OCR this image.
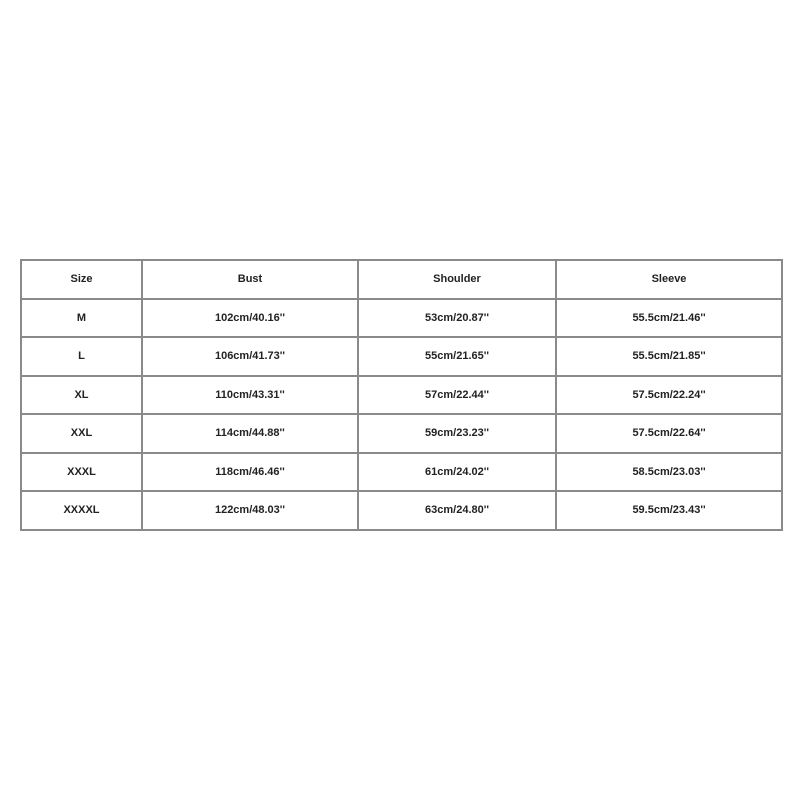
Size	Bust	Shoulder	Sleeve
M	102cm/40.16''	53cm/20.87''	55.5cm/21.46''
L	106cm/41.73''	55cm/21.65''	55.5cm/21.85''
XL	110cm/43.31''	57cm/22.44''	57.5cm/22.24''
XXL	114cm/44.88''	59cm/23.23''	57.5cm/22.64''
XXXL	118cm/46.46''	61cm/24.02''	58.5cm/23.03''
XXXXL	122cm/48.03''	63cm/24.80''	59.5cm/23.43''
